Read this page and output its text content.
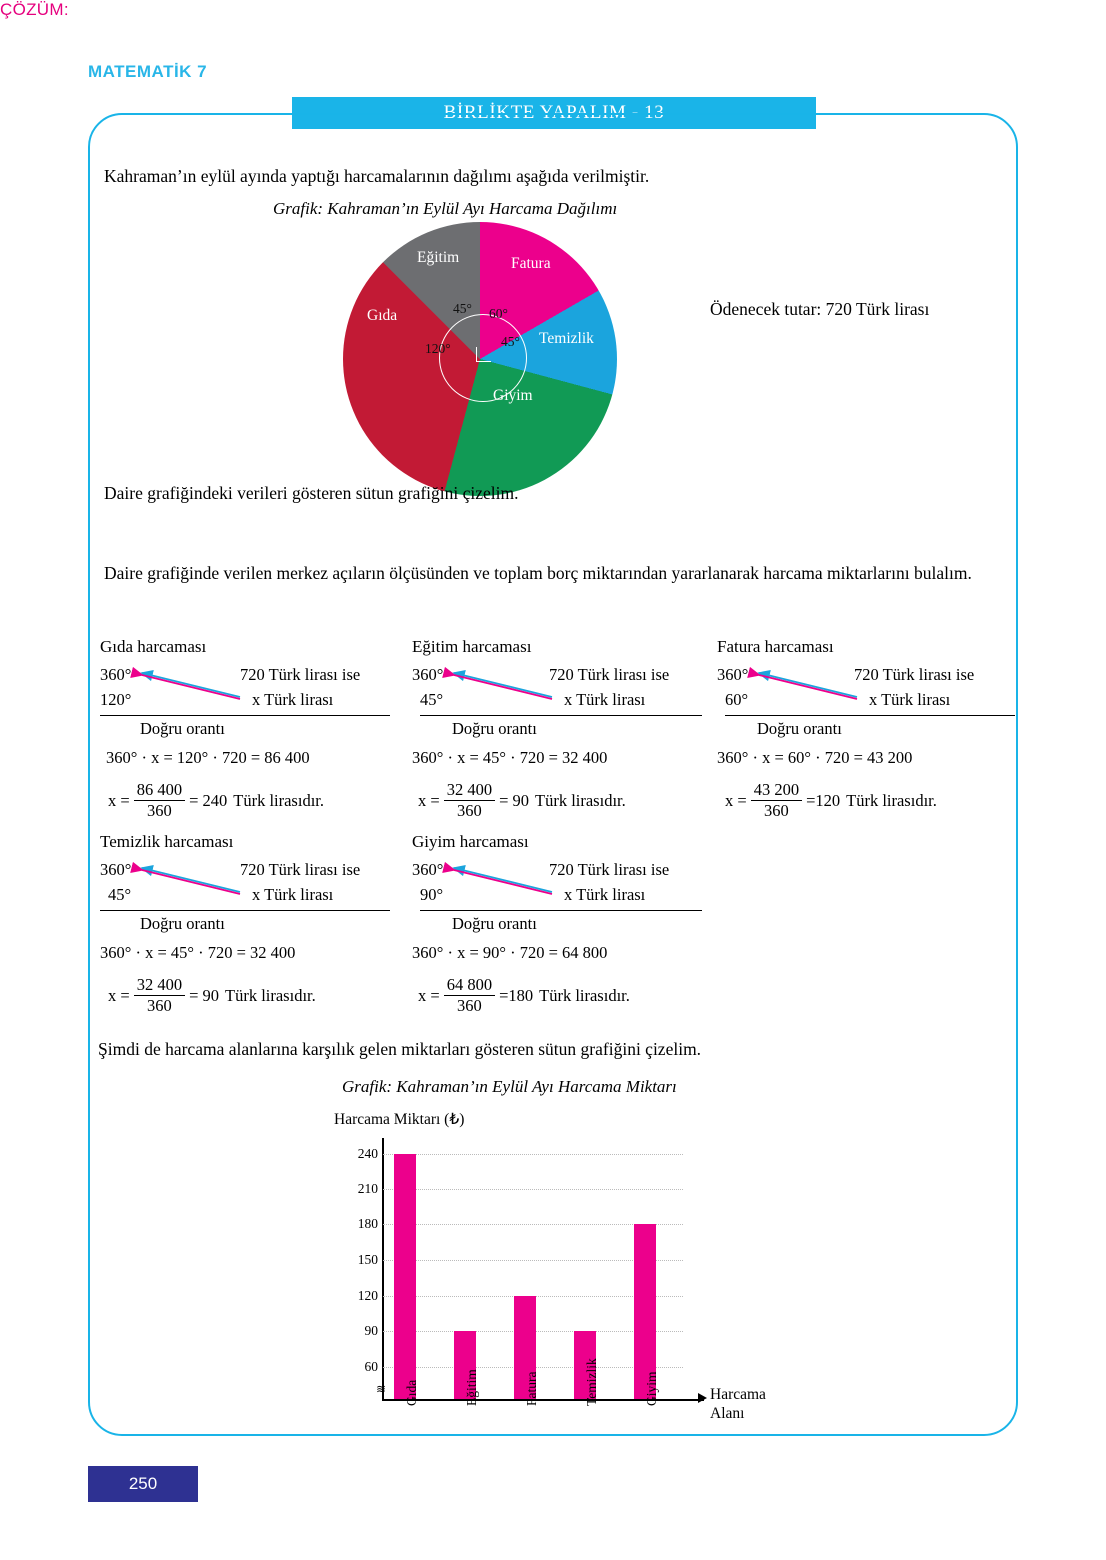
MATEMATİK 7
BİRLİKTE YAPALIM - 13
Kahraman’ın eylül ayında yaptığı harcamalarının dağılımı aşağıda verilmiştir.
Grafik: Kahraman’ın Eylül Ayı Harcama Dağılımı
Fatura
Temizlik
Giyim
Gıda
Eğitim
45° 60°
45°
120°
Ödenecek tutar: 720 Türk lirası
Daire grafiğindeki verileri gösteren sütun grafiğini çizelim.
ÇÖZÜM:
Daire grafiğinde verilen merkez açıların ölçüsünden ve toplam borç miktarından yararlanarak harcama miktarlarını bulalım.
Gıda harcaması
360°
120°
720 Türk lirası ise
x Türk lirası
Doğru orantı
360° · x = 120° · 720 = 86 400
$x = \frac{86 400}{360} = 240$ Türk lirasıdır.
Eğitim harcaması
360°
45°
720 Türk lirası ise
x Türk lirası
Doğru orantı
360° · x = 45° · 720 = 32 400
$x = \frac{32 400}{360} = 90$ Türk lirasıdır.
Fatura harcaması
360°
60°
720 Türk lirası ise
x Türk lirası
Doğru orantı
360° · x = 60° · 720 = 43 200
$x = \frac{43 200}{360} =120$ Türk lirasıdır.
Temizlik harcaması
360°
45°
720 Türk lirası ise
x Türk lirası
Doğru orantı
360° · x = 45° · 720 = 32 400
$x = \frac{32 400}{360} = 90$ Türk lirasıdır.
Giyim harcaması
360°
90°
720 Türk lirası ise
x Türk lirası
Doğru orantı
360° · x = 90° · 720 = 64 800
$x = \frac{64 800}{360} =180$ Türk lirasıdır.
Şimdi de harcama alanlarına karşılık gelen miktarları gösteren sütun grafiğini çizelim.
Grafik: Kahraman’ın Eylül Ayı Harcama Miktarı
Harcama Miktarı (₺)
≋
240
210
180
150
120
90
60
Gıda	Eğitim	Fatura	Temizlik	Giyim	Harcama
Alanı
250
